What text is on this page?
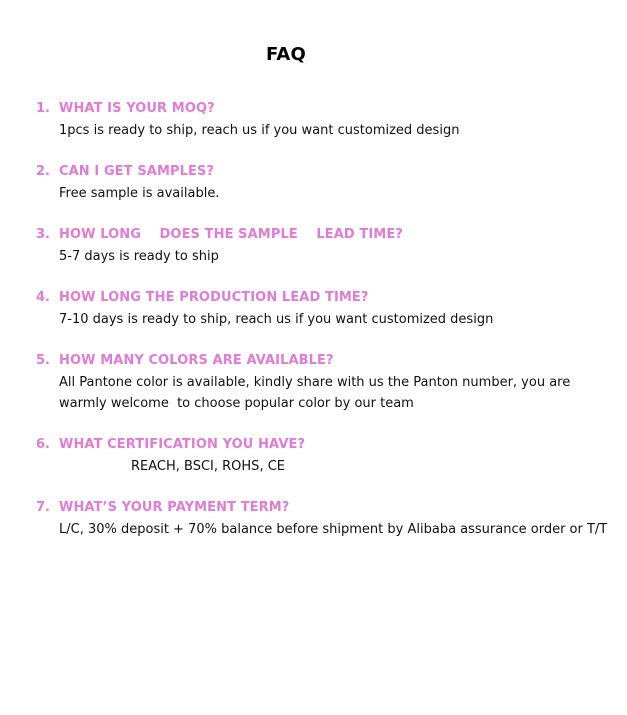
FAQ
1. WHAT IS YOUR MOQ?
1pcs is ready to ship, reach us if you want customized design
2. CAN I GET SAMPLES?
Free sample is available.
3. HOW LONG    DOES THE SAMPLE    LEAD TIME?
5-7 days is ready to ship
4. HOW LONG THE PRODUCTION LEAD TIME?
7-10 days is ready to ship, reach us if you want customized design
5. HOW MANY COLORS ARE AVAILABLE?
All Pantone color is available, kindly share with us the Panton number, you are warmly welcome  to choose popular color by our team
6. WHAT CERTIFICATION YOU HAVE?
REACH, BSCI, ROHS, CE
7. WHAT’S YOUR PAYMENT TERM?
L/C, 30% deposit + 70% balance before shipment by Alibaba assurance order or T/T
